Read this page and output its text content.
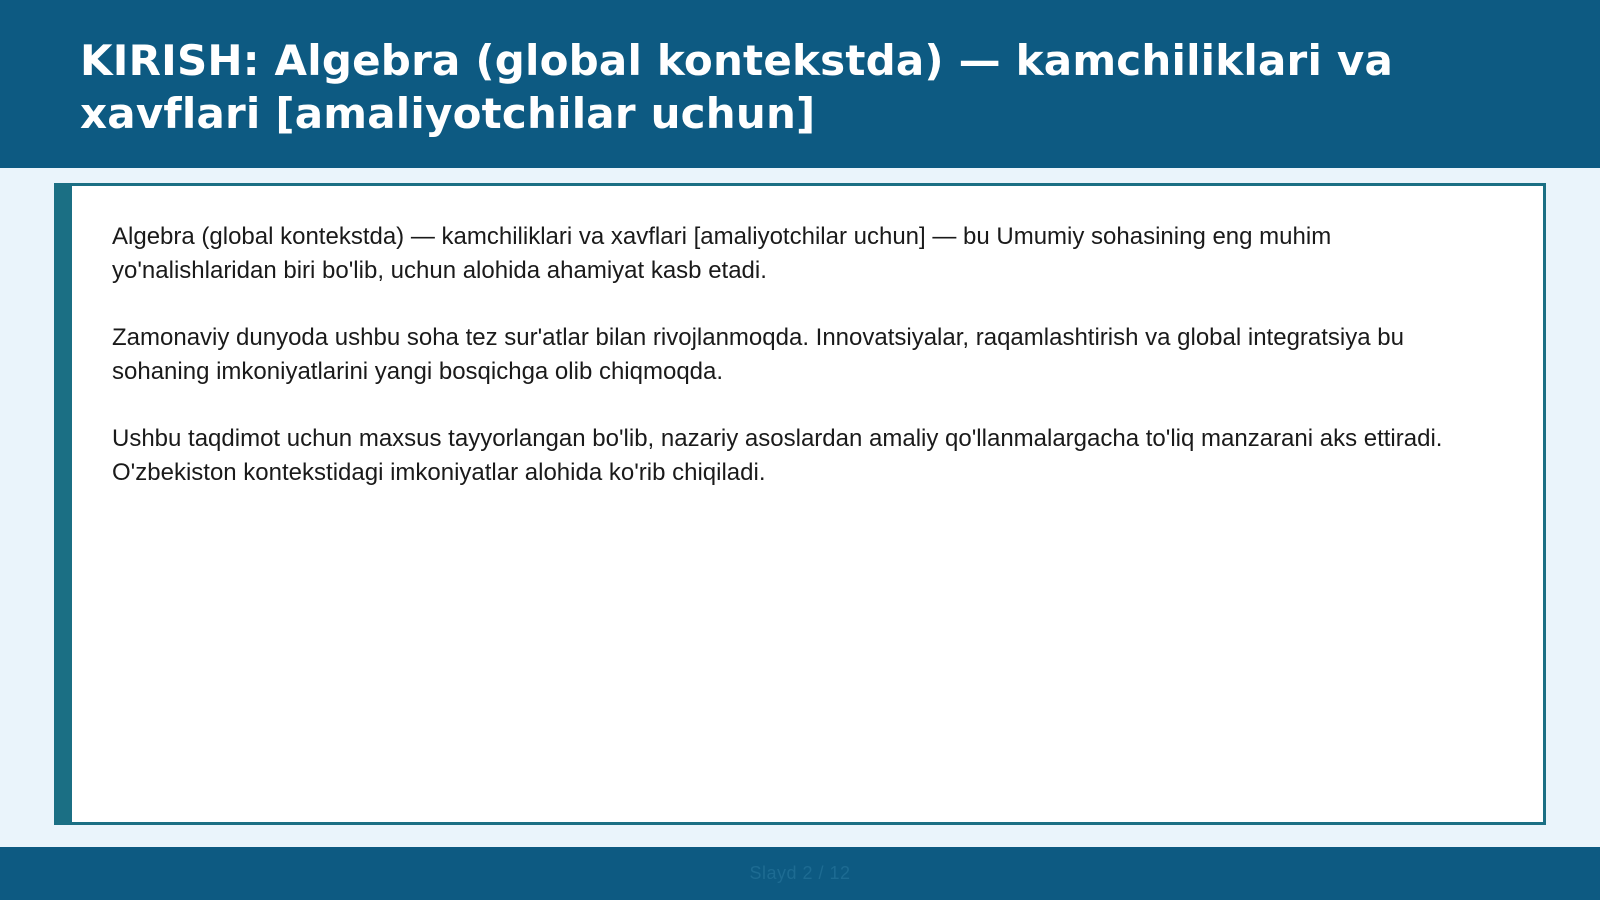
KIRISH: Algebra (global kontekstda) — kamchiliklari va xavflari [amaliyotchilar uchun]

Algebra (global kontekstda) — kamchiliklari va xavflari [amaliyotchilar uchun] — bu Umumiy sohasining eng muhim yo'nalishlaridan biri bo'lib, uchun alohida ahamiyat kasb etadi.

Zamonaviy dunyoda ushbu soha tez sur'atlar bilan rivojlanmoqda. Innovatsiyalar, raqamlashtirish va global integratsiya bu sohaning imkoniyatlarini yangi bosqichga olib chiqmoqda.

Ushbu taqdimot uchun maxsus tayyorlangan bo'lib, nazariy asoslardan amaliy qo'llanmalargacha to'liq manzarani aks ettiradi. O'zbekiston kontekstidagi imkoniyatlar alohida ko'rib chiqiladi.

Slayd 2 / 12
